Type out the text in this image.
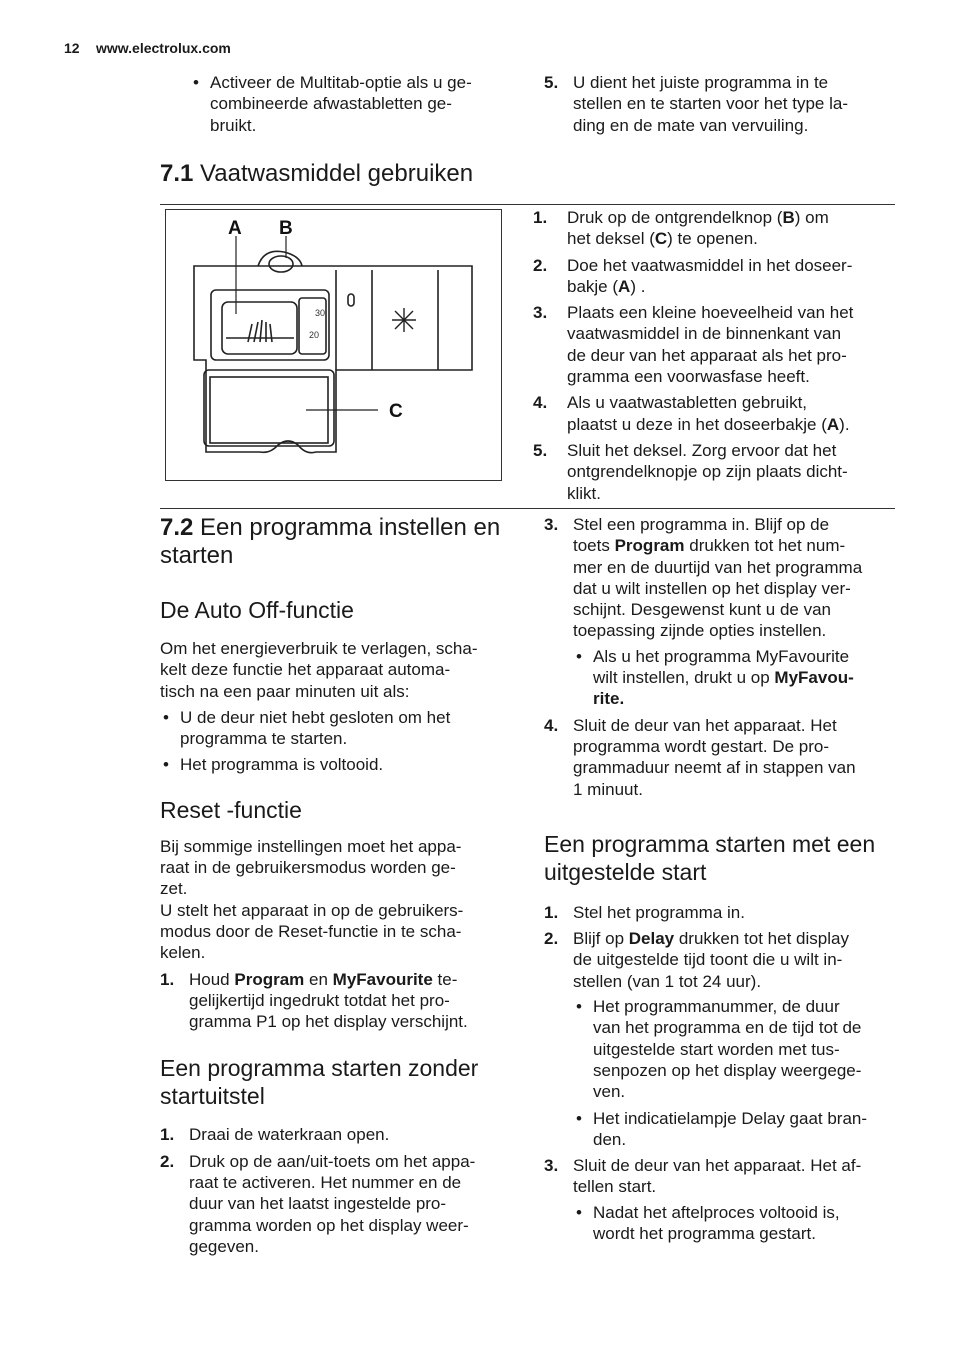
12 www.electrolux.com
• Activeer de Multitab-optie als u ge-
combineerde afwastabletten ge-
bruikt.
5. U dient het juiste programma in te
stellen en te starten voor het type la-
ding en de mate van vervuiling.
7.1 Vaatwasmiddel gebruiken
30
20
A B
C
1. Druk op de ontgrendelknop (B) om
het deksel (C) te openen.
2. Doe het vaatwasmiddel in het doseer-
bakje (A) .
3. Plaats een kleine hoeveelheid van het
vaatwasmiddel in de binnenkant van
de deur van het apparaat als het pro-
gramma een voorwasfase heeft.
4. Als u vaatwastabletten gebruikt,
plaatst u deze in het doseerbakje (A).
5. Sluit het deksel. Zorg ervoor dat het
ontgrendelknopje op zijn plaats dicht-
klikt.
7.2 Een programma instellen en
starten
De Auto Off-functie

Om het energieverbruik te verlagen, scha-
kelt deze functie het apparaat automa-
tisch na een paar minuten uit als:

• U de deur niet hebt gesloten om het
programma te starten.
• Het programma is voltooid.
Reset -functie

Bij sommige instellingen moet het appa-
raat in de gebruikersmodus worden ge-
zet.
U stelt het apparaat in op de gebruikers-
modus door de Reset-functie in te scha-
kelen.

1. Houd Program en MyFavourite te-
gelijkertijd ingedrukt totdat het pro-
gramma P1 op het display verschijnt.
Een programma starten zonder
startuitstel
1. Draai de waterkraan open.
2. Druk op de aan/uit-toets om het appa-
raat te activeren. Het nummer en de
duur van het laatst ingestelde pro-
gramma worden op het display weer-
gegeven.
3. Stel een programma in. Blijf op de
toets Program drukken tot het num-
mer en de duurtijd van het programma
dat u wilt instellen op het display ver-
schijnt. Desgewenst kunt u de van
toepassing zijnde opties instellen.
• Als u het programma MyFavourite
wilt instellen, drukt u op MyFavou-
rite.
4. Sluit de deur van het apparaat. Het
programma wordt gestart. De pro-
grammaduur neemt af in stappen van
1 minuut.
Een programma starten met een
uitgestelde start
1. Stel het programma in.
2. Blijf op Delay drukken tot het display
de uitgestelde tijd toont die u wilt in-
stellen (van 1 tot 24 uur).
• Het programmanummer, de duur
van het programma en de tijd tot de
uitgestelde start worden met tus-
senpozen op het display weergege-
ven.
• Het indicatielampje Delay gaat bran-
den.
3. Sluit de deur van het apparaat. Het af-
tellen start.
• Nadat het aftelproces voltooid is,
wordt het programma gestart.
